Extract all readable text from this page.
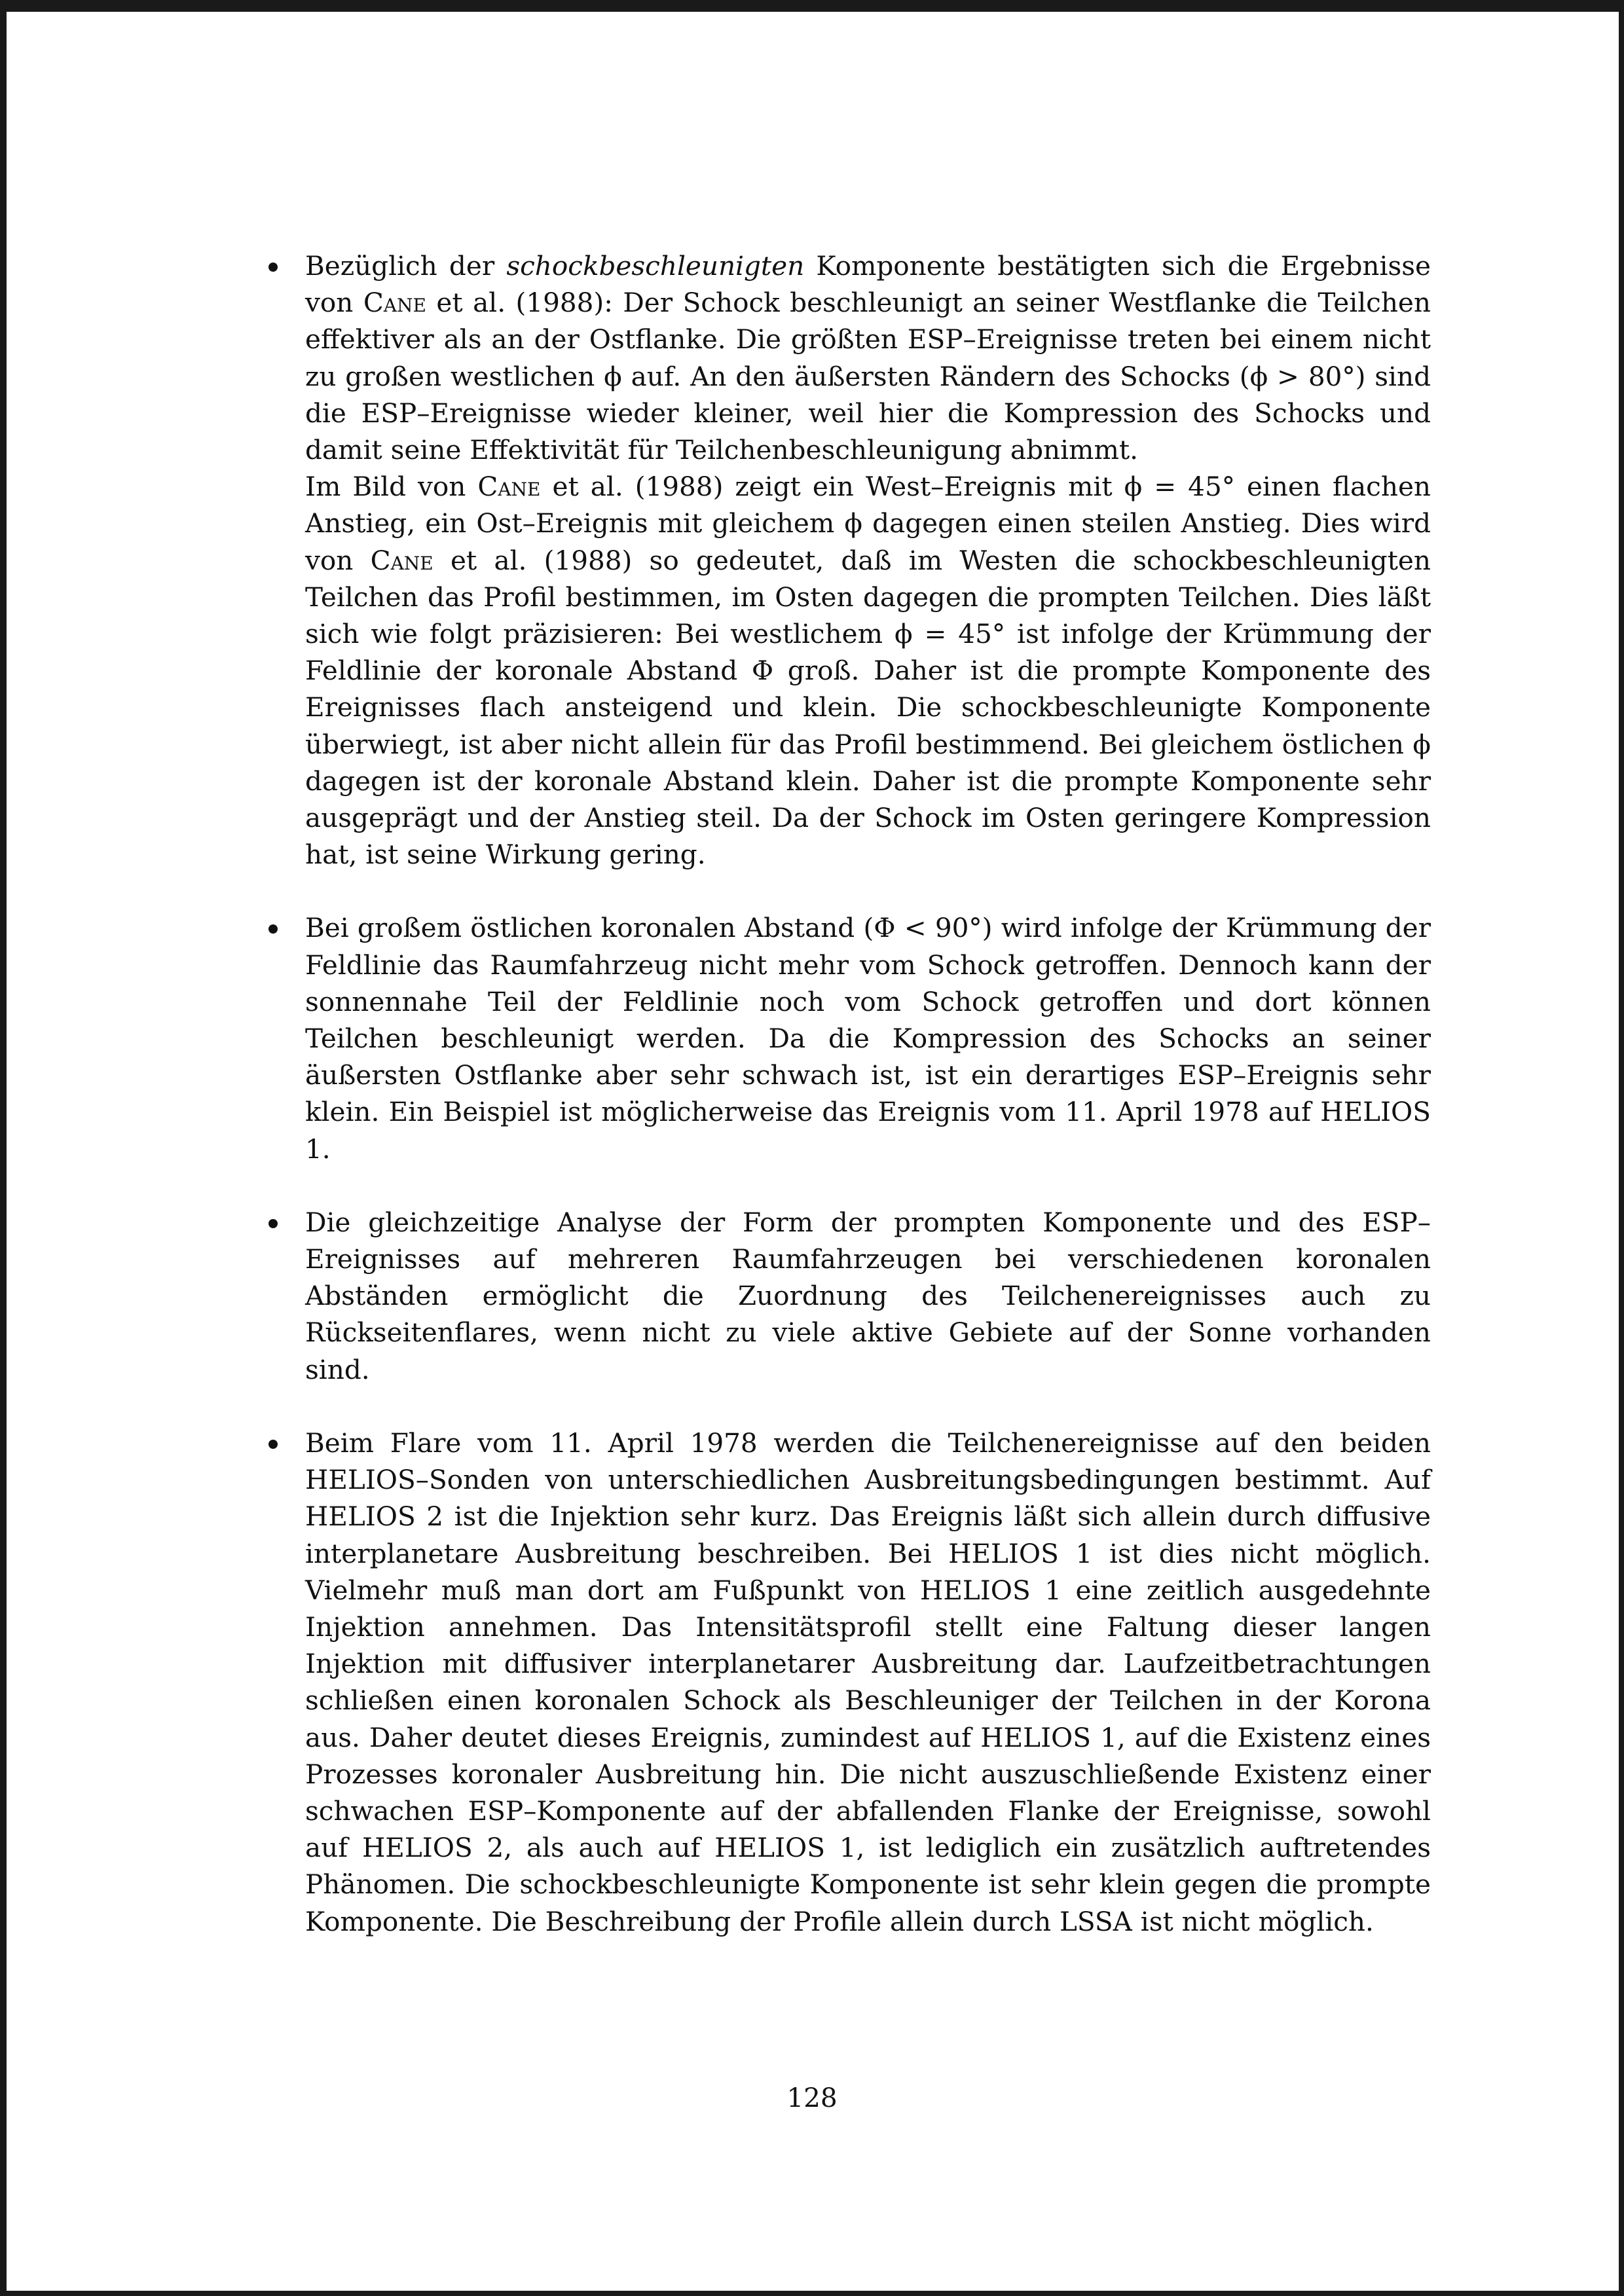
Bezüglich der schockbeschleunigten Komponente bestätigten sich die Ergebnisse von Cane et al. (1988): Der Schock beschleunigt an seiner Westflanke die Teilchen effektiver als an der Ostflanke. Die größten ESP–Ereignisse treten bei einem nicht zu großen westlichen ϕ auf. An den äußersten Rändern des Schocks (ϕ > 80°) sind die ESP–Ereignisse wieder kleiner, weil hier die Kompression des Schocks und damit seine Effektivität für Teilchenbeschleunigung abnimmt.

Im Bild von Cane et al. (1988) zeigt ein West–Ereignis mit ϕ = 45° einen flachen Anstieg, ein Ost–Ereignis mit gleichem ϕ dagegen einen steilen Anstieg. Dies wird von Cane et al. (1988) so gedeutet, daß im Westen die schockbeschleunigten Teilchen das Profil bestimmen, im Osten dagegen die prompten Teilchen. Dies läßt sich wie folgt präzisieren: Bei westlichem ϕ = 45° ist infolge der Krümmung der Feldlinie der koronale Abstand Φ groß. Daher ist die prompte Komponente des Ereignisses flach ansteigend und klein. Die schockbeschleunigte Komponente überwiegt, ist aber nicht allein für das Profil bestimmend. Bei gleichem östlichen ϕ dagegen ist der koronale Abstand klein. Daher ist die prompte Komponente sehr ausgeprägt und der Anstieg steil. Da der Schock im Osten geringere Kompression hat, ist seine Wirkung gering.

Bei großem östlichen koronalen Abstand (Φ < 90°) wird infolge der Krümmung der Feldlinie das Raumfahrzeug nicht mehr vom Schock getroffen. Dennoch kann der sonnennahe Teil der Feldlinie noch vom Schock getroffen und dort können Teilchen beschleunigt werden. Da die Kompression des Schocks an seiner äußersten Ostflanke aber sehr schwach ist, ist ein derartiges ESP–Ereignis sehr klein. Ein Beispiel ist möglicherweise das Ereignis vom 11. April 1978 auf HELIOS 1.

Die gleichzeitige Analyse der Form der prompten Komponente und des ESP–Ereignisses auf mehreren Raumfahrzeugen bei verschiedenen koronalen Abständen ermöglicht die Zuordnung des Teilchenereignisses auch zu Rückseitenflares, wenn nicht zu viele aktive Gebiete auf der Sonne vorhanden sind.

Beim Flare vom 11. April 1978 werden die Teilchenereignisse auf den beiden HELIOS–Sonden von unterschiedlichen Ausbreitungsbedingungen bestimmt. Auf HELIOS 2 ist die Injektion sehr kurz. Das Ereignis läßt sich allein durch diffusive interplanetare Ausbreitung beschreiben. Bei HELIOS 1 ist dies nicht möglich. Vielmehr muß man dort am Fußpunkt von HELIOS 1 eine zeitlich ausgedehnte Injektion annehmen. Das Intensitätsprofil stellt eine Faltung dieser langen Injektion mit diffusiver interplanetarer Ausbreitung dar. Laufzeitbetrachtungen schließen einen koronalen Schock als Beschleuniger der Teilchen in der Korona aus. Daher deutet dieses Ereignis, zumindest auf HELIOS 1, auf die Existenz eines Prozesses koronaler Ausbreitung hin. Die nicht auszuschließende Existenz einer schwachen ESP–Komponente auf der abfallenden Flanke der Ereignisse, sowohl auf HELIOS 2, als auch auf HELIOS 1, ist lediglich ein zusätzlich auftretendes Phänomen. Die schockbeschleunigte Komponente ist sehr klein gegen die prompte Komponente. Die Beschreibung der Profile allein durch LSSA ist nicht möglich.

128
